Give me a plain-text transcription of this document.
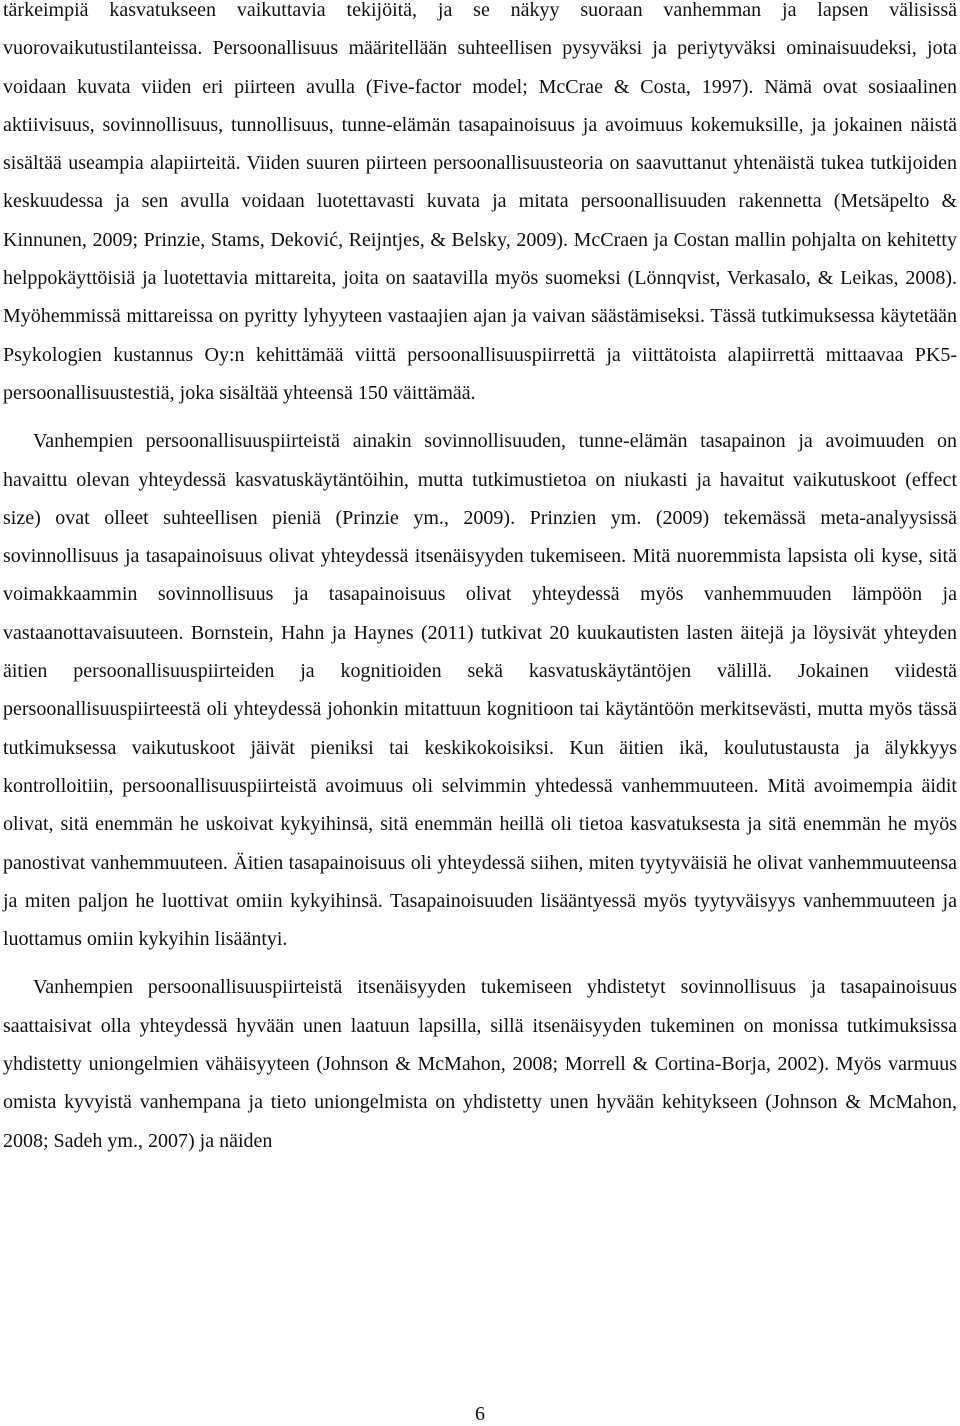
tärkeimpiä kasvatukseen vaikuttavia tekijöitä, ja se näkyy suoraan vanhemman ja lapsen välisissä vuorovaikutustilanteissa. Persoonallisuus määritellään suhteellisen pysyväksi ja periytyväksi ominaisuudeksi, jota voidaan kuvata viiden eri piirteen avulla (Five-factor model; McCrae & Costa, 1997). Nämä ovat sosiaalinen aktiivisuus, sovinnollisuus, tunnollisuus, tunne-elämän tasapainoisuus ja avoimuus kokemuksille, ja jokainen näistä sisältää useampia alapiirteitä. Viiden suuren piirteen persoonallisuusteoria on saavuttanut yhtenäistä tukea tutkijoiden keskuudessa ja sen avulla voidaan luotettavasti kuvata ja mitata persoonallisuuden rakennetta (Metsäpelto & Kinnunen, 2009; Prinzie, Stams, Deković, Reijntjes, & Belsky, 2009). McCraen ja Costan mallin pohjalta on kehitetty helppokäyttöisiä ja luotettavia mittareita, joita on saatavilla myös suomeksi (Lönnqvist, Verkasalo, & Leikas, 2008). Myöhemmissä mittareissa on pyritty lyhyyteen vastaajien ajan ja vaivan säästämiseksi. Tässä tutkimuksessa käytetään Psykologien kustannus Oy:n kehittämää viittä persoonallisuuspiirrettä ja viittätoista alapiirrettä mittaavaa PK5-persoonallisuustestiä, joka sisältää yhteensä 150 väittämää.

Vanhempien persoonallisuuspiirteistä ainakin sovinnollisuuden, tunne-elämän tasapainon ja avoimuuden on havaittu olevan yhteydessä kasvatuskäytäntöihin, mutta tutkimustietoa on niukasti ja havaitut vaikutuskoot (effect size) ovat olleet suhteellisen pieniä (Prinzie ym., 2009). Prinzien ym. (2009) tekemässä meta-analyysissä sovinnollisuus ja tasapainoisuus olivat yhteydessä itsenäisyyden tukemiseen. Mitä nuoremmista lapsista oli kyse, sitä voimakkaammin sovinnollisuus ja tasapainoisuus olivat yhteydessä myös vanhemmuuden lämpöön ja vastaanottavaisuuteen. Bornstein, Hahn ja Haynes (2011) tutkivat 20 kuukautisten lasten äitejä ja löysivät yhteyden äitien persoonallisuuspiirteiden ja kognitioiden sekä kasvatuskäytäntöjen välillä. Jokainen viidestä persoonallisuuspiirteestä oli yhteydessä johonkin mitattuun kognitioon tai käytäntöön merkitsevästi, mutta myös tässä tutkimuksessa vaikutuskoot jäivät pieniksi tai keskikokoisiksi. Kun äitien ikä, koulutustausta ja älykkyys kontrolloitiin, persoonallisuuspiirteistä avoimuus oli selvimmin yhtedessä vanhemmuuteen. Mitä avoimempia äidit olivat, sitä enemmän he uskoivat kykyihinsä, sitä enemmän heillä oli tietoa kasvatuksesta ja sitä enemmän he myös panostivat vanhemmuuteen. Äitien tasapainoisuus oli yhteydessä siihen, miten tyytyväisiä he olivat vanhemmuuteensa ja miten paljon he luottivat omiin kykyihinsä. Tasapainoisuuden lisääntyessä myös tyytyväisyys vanhemmuuteen ja luottamus omiin kykyihin lisääntyi.

Vanhempien persoonallisuuspiirteistä itsenäisyyden tukemiseen yhdistetyt sovinnollisuus ja tasapainoisuus saattaisivat olla yhteydessä hyvään unen laatuun lapsilla, sillä itsenäisyyden tukeminen on monissa tutkimuksissa yhdistetty uniongelmien vähäisyyteen (Johnson & McMahon, 2008; Morrell & Cortina-Borja, 2002). Myös varmuus omista kyvyistä vanhempana ja tieto uniongelmista on yhdistetty unen hyvään kehitykseen (Johnson & McMahon, 2008; Sadeh ym., 2007) ja näiden

6
